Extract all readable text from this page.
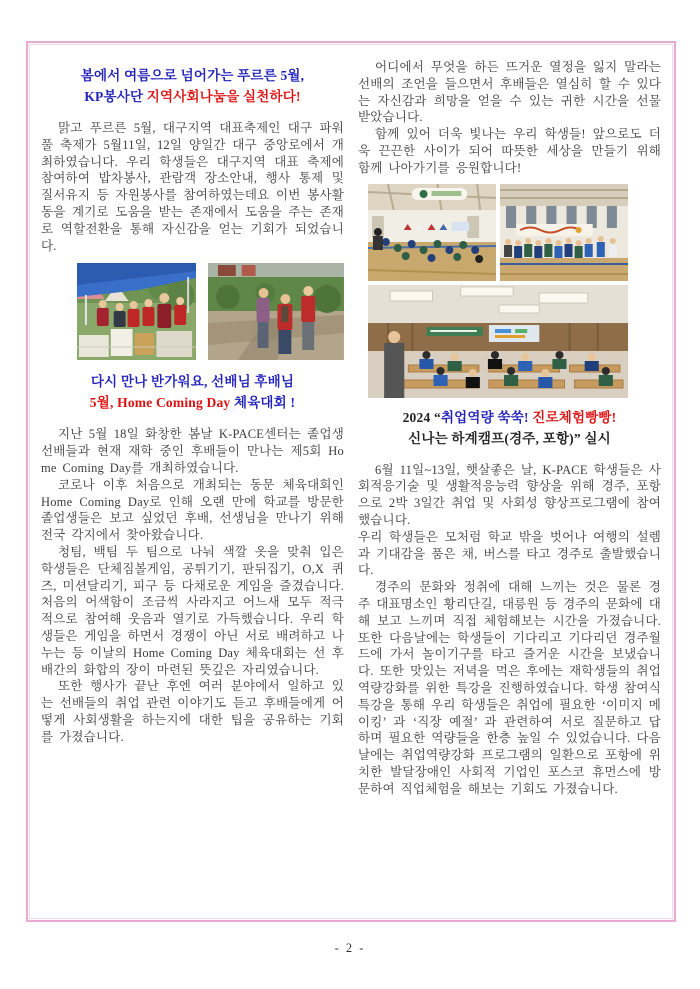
봄에서 여름으로 넘어가는 푸르른 5월,
KP봉사단 지역사회나눔을 실천하다!

맑고 푸르른 5월, 대구지역 대표축제인 대구 파워풀 축제가 5월11일, 12일 양일간 대구 중앙로에서 개최하였습니다. 우리 학생들은 대구지역 대표 축제에 참여하여 밥차봉사, 관람객 장소안내, 행사 통제 및 질서유지 등 자원봉사를 참여하였는데요 이번 봉사활동을 계기로 도움을 받는 존재에서 도움을 주는 존재로 역할전환을 통해 자신감을 얻는 기회가 되었습니다.

다시 만나 반가워요, 선배님 후배님
5월, Home Coming Day 체육대회 !

지난 5월 18일 화창한 봄날 K-PACE센터는 졸업생 선배들과 현재 재학 중인 후배들이 만나는 제5회 Home Coming Day를 개최하였습니다.

코로나 이후 처음으로 개최되는 동문 체육대회인 Home Coming Day로 인해 오랜 만에 학교를 방문한 졸업생들은 보고 싶었던 후배, 선생님을 만나기 위해 전국 각지에서 찾아왔습니다.

청팀, 백팀 두 팀으로 나눠 색깔 옷을 맞춰 입은 학생들은 단체짐볼게임, 공튀기기, 판뒤집기, O,X 퀴즈, 미션달리기, 피구 등 다채로운 게임을 즐겼습니다. 처음의 어색함이 조금씩 사라지고 어느새 모두 적극적으로 참여해 웃음과 열기로 가득했습니다. 우리 학생들은 게임을 하면서 경쟁이 아닌 서로 배려하고 나누는 등 이날의 Home Coming Day 체육대회는 선 후배간의 화합의 장이 마련된 뜻깊은 자리였습니다.

또한 행사가 끝난 후엔 여러 분야에서 일하고 있는 선배들의 취업 관련 이야기도 듣고 후배들에게 어떻게 사회생활을 하는지에 대한 팁을 공유하는 기회를 가졌습니다.

어디에서 무엇을 하든 뜨거운 열정을 잃지 말라는 선배의 조언을 들으면서 후배들은 열심히 할 수 있다는 자신감과 희망을 얻을 수 있는 귀한 시간을 선물 받았습니다.

함께 있어 더욱 빛나는 우리 학생들! 앞으로도 더욱 끈끈한 사이가 되어 따뜻한 세상을 만들기 위해 함께 나아가기를 응원합니다!

2024 “취업역량 쑥쑥! 진로체험빵빵!
신나는 하계캠프(경주, 포항)” 실시

6월 11일~13일, 햇살좋은 날, K-PACE 학생들은 사회적응기술 및 생활적응능력 향상을 위해 경주, 포항으로 2박 3일간 취업 및 사회성 향상프로그램에 참여했습니다.

우리 학생들은 모처럼 학교 밖을 벗어나 여행의 설렘과 기대감을 품은 채, 버스를 타고 경주로 출발했습니다.

경주의 문화와 정취에 대해 느끼는 것은 물론 경주 대표명소인 황리단길, 대릉원 등 경주의 문화에 대해 보고 느끼며 직접 체험해보는 시간을 가졌습니다. 또한 다음날에는 학생들이 기다리고 기다리던 경주월드에 가서 놀이기구를 타고 즐거운 시간을 보냈습니다. 또한 맛있는 저녁을 먹은 후에는 재학생들의 취업역량강화를 위한 특강을 진행하였습니다. 학생 참여식 특강을 통해 우리 학생들은 취업에 필요한 ‘이미지 메이킹’ 과 ‘직장 예절’ 과 관련하여 서로 질문하고 답하며 필요한 역량들을 한층 높일 수 있었습니다. 다음날에는 취업역량강화 프로그램의 일환으로 포항에 위치한 발달장애인 사회적 기업인 포스코 휴먼스에 방문하여 직업체험을 해보는 기회도 가졌습니다.

- 2 -
